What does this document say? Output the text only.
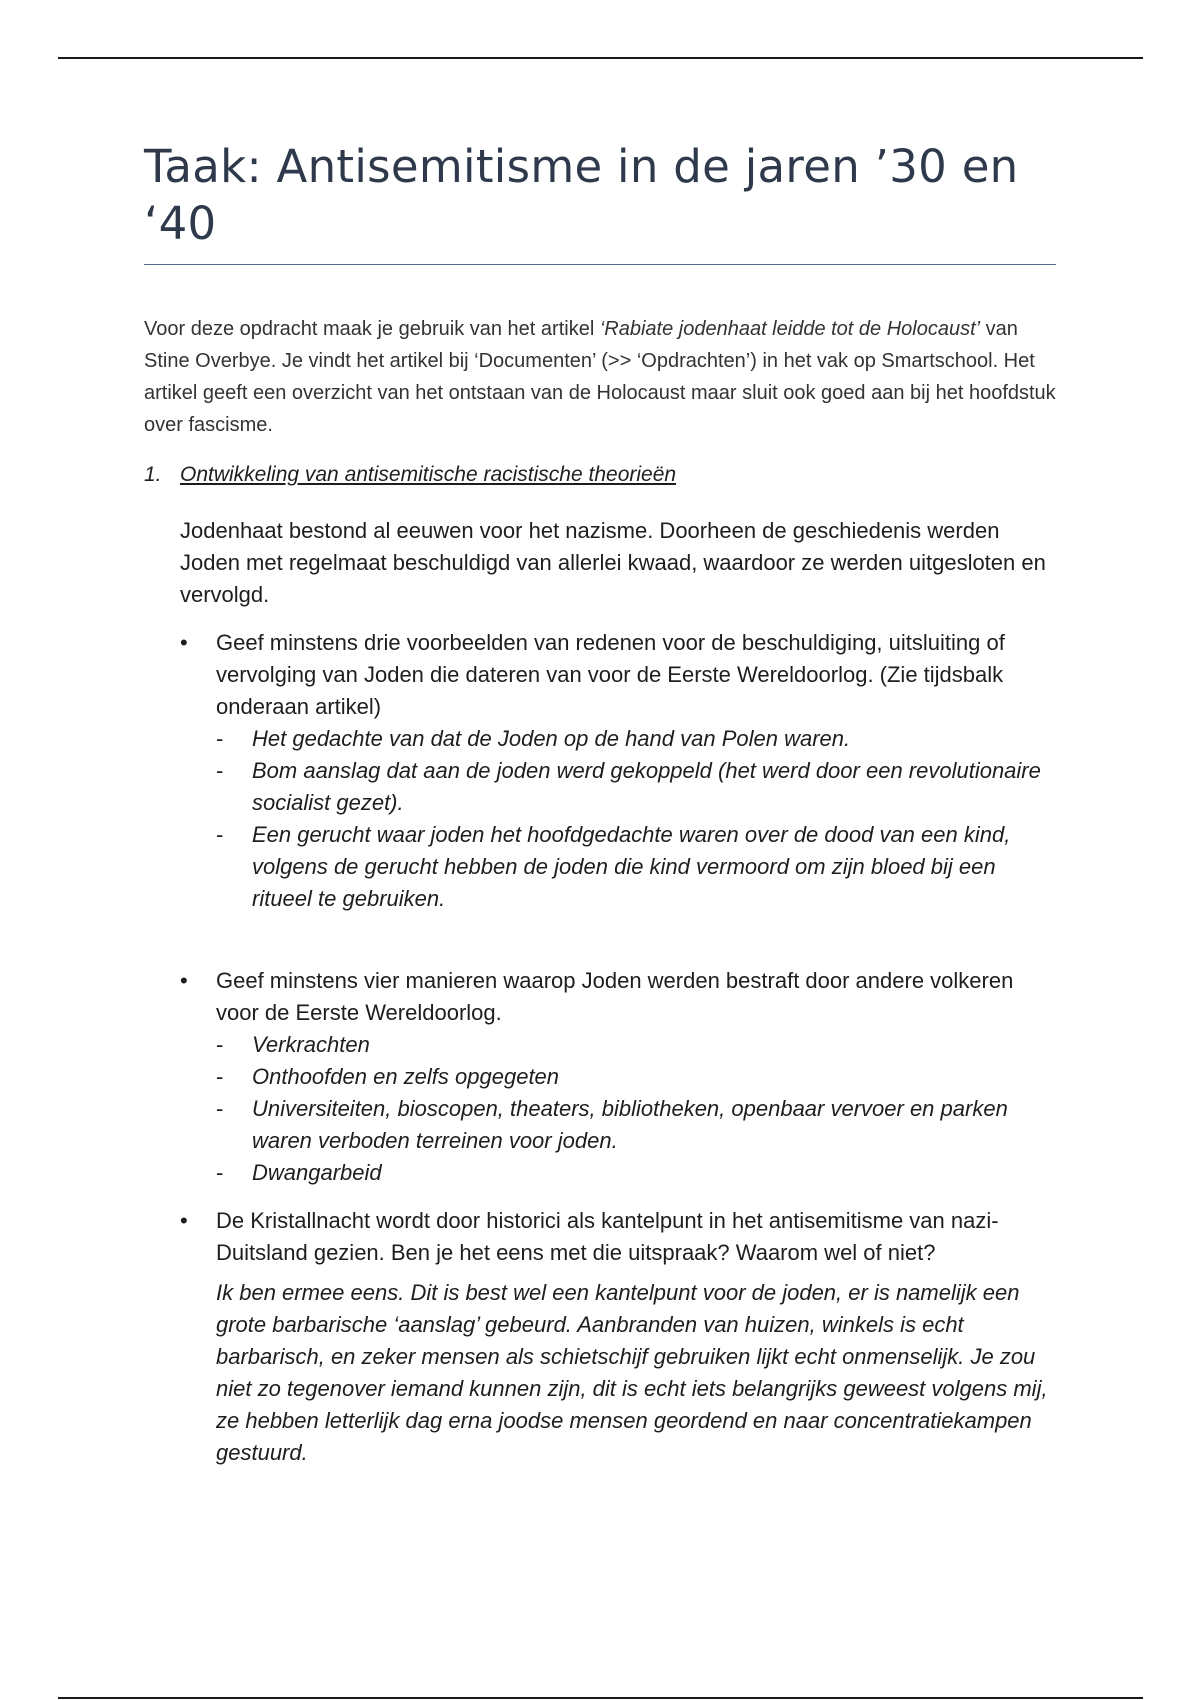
Taak: Antisemitisme in de jaren ’30 en ‘40

Voor deze opdracht maak je gebruik van het artikel ‘Rabiate jodenhaat leidde tot de Holocaust’ van Stine Overbye. Je vindt het artikel bij ‘Documenten’ (>> ‘Opdrachten’) in het vak op Smartschool. Het artikel geeft een overzicht van het ontstaan van de Holocaust maar sluit ook goed aan bij het hoofdstuk over fascisme.

1. Ontwikkeling van antisemitische racistische theorieën
Jodenhaat bestond al eeuwen voor het nazisme. Doorheen de geschiedenis werden Joden met regelmaat beschuldigd van allerlei kwaad, waardoor ze werden uitgesloten en vervolgd.
• Geef minstens drie voorbeelden van redenen voor de beschuldiging, uitsluiting of vervolging van Joden die dateren van voor de Eerste Wereldoorlog. (Zie tijdsbalk onderaan artikel)
- Het gedachte van dat de Joden op de hand van Polen waren.
- Bom aanslag dat aan de joden werd gekoppeld (het werd door een revolutionaire socialist gezet).
- Een gerucht waar joden het hoofdgedachte waren over de dood van een kind, volgens de gerucht hebben de joden die kind vermoord om zijn bloed bij een ritueel te gebruiken.
• Geef minstens vier manieren waarop Joden werden bestraft door andere volkeren voor de Eerste Wereldoorlog.
- Verkrachten
- Onthoofden en zelfs opgegeten
- Universiteiten, bioscopen, theaters, bibliotheken, openbaar vervoer en parken waren verboden terreinen voor joden.
- Dwangarbeid
• De Kristallnacht wordt door historici als kantelpunt in het antisemitisme van nazi-Duitsland gezien. Ben je het eens met die uitspraak? Waarom wel of niet?
Ik ben ermee eens. Dit is best wel een kantelpunt voor de joden, er is namelijk een grote barbarische ‘aanslag’ gebeurd. Aanbranden van huizen, winkels is echt barbarisch, en zeker mensen als schietschijf gebruiken lijkt echt onmenselijk. Je zou niet zo tegenover iemand kunnen zijn, dit is echt iets belangrijks geweest volgens mij, ze hebben letterlijk dag erna joodse mensen geordend en naar concentratiekampen gestuurd.
